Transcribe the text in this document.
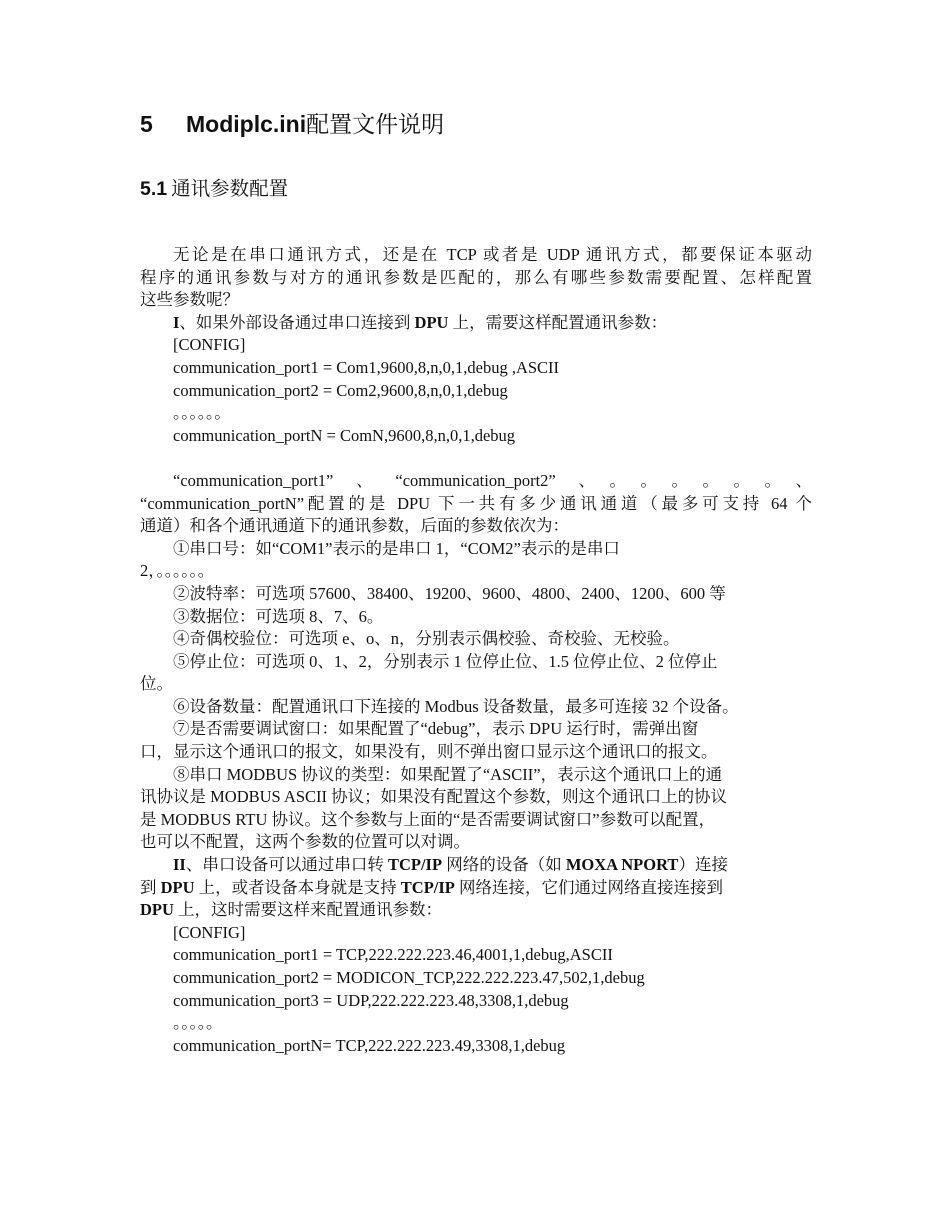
5 Modiplc.ini配置文件说明
5.1 通讯参数配置
无论是在串口通讯方式，还是在 TCP 或者是 UDP 通讯方式，都要保证本驱动
程序的通讯参数与对方的通讯参数是匹配的，那么有哪些参数需要配置、怎样配置
这些参数呢？
I、如果外部设备通过串口连接到 DPU 上，需要这样配置通讯参数：
[CONFIG]
communication_port1 = Com1,9600,8,n,0,1,debug ,ASCII
communication_port2 = Com2,9600,8,n,0,1,debug
。。。。。。
communication_portN = ComN,9600,8,n,0,1,debug
“communication_port1”、“communication_port2”、。。。。。。、
“communication_portN”配置的是 DPU 下一共有多少通讯通道（最多可支持 64 个
通道）和各个通讯通道下的通讯参数，后面的参数依次为：
①串口号：如“COM1”表示的是串口 1，“COM2”表示的是串口
2，。。。。。。
②波特率：可选项 57600、38400、19200、9600、4800、2400、1200、600 等
③数据位：可选项 8、7、6。
④奇偶校验位：可选项 e、o、n，分别表示偶校验、奇校验、无校验。
⑤停止位：可选项 0、1、2，分别表示 1 位停止位、1.5 位停止位、2 位停止
位。
⑥设备数量：配置通讯口下连接的 Modbus 设备数量，最多可连接 32 个设备。
⑦是否需要调试窗口：如果配置了“debug”，表示 DPU 运行时，需弹出窗
口，显示这个通讯口的报文，如果没有，则不弹出窗口显示这个通讯口的报文。
⑧串口 MODBUS 协议的类型：如果配置了“ASCII”，表示这个通讯口上的通
讯协议是 MODBUS ASCII 协议；如果没有配置这个参数，则这个通讯口上的协议
是 MODBUS RTU 协议。这个参数与上面的“是否需要调试窗口”参数可以配置，
也可以不配置，这两个参数的位置可以对调。
II、串口设备可以通过串口转 TCP/IP 网络的设备（如 MOXA NPORT）连接
到 DPU 上，或者设备本身就是支持 TCP/IP 网络连接，它们通过网络直接连接到
DPU 上，这时需要这样来配置通讯参数：
[CONFIG]
communication_port1 = TCP,222.222.223.46,4001,1,debug,ASCII
communication_port2 = MODICON_TCP,222.222.223.47,502,1,debug
communication_port3 = UDP,222.222.223.48,3308,1,debug
。。。。。
communication_portN= TCP,222.222.223.49,3308,1,debug
